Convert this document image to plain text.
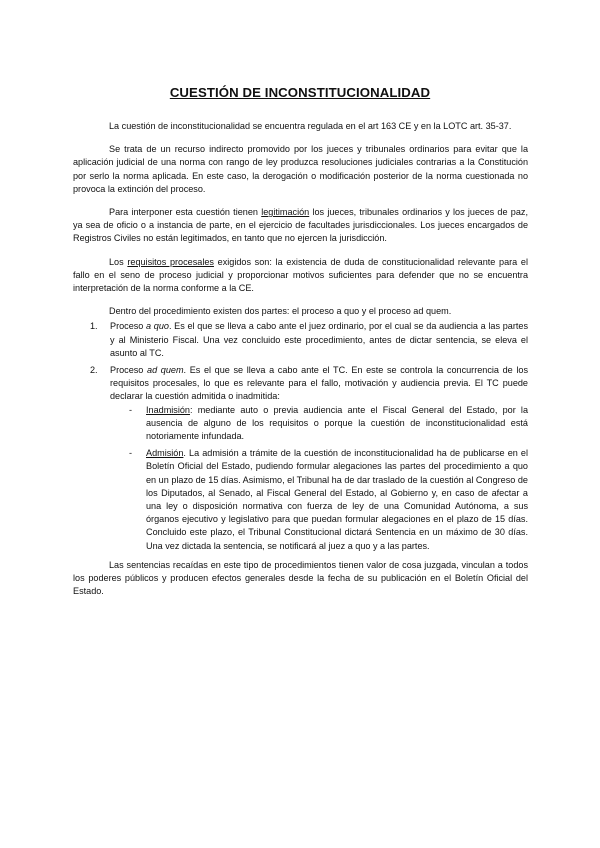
CUESTIÓN DE INCONSTITUCIONALIDAD

La cuestión de inconstitucionalidad se encuentra regulada en el art 163 CE y en la LOTC art. 35-37.

Se trata de un recurso indirecto promovido por los jueces y tribunales ordinarios para evitar que la aplicación judicial de una norma con rango de ley produzca resoluciones judiciales contrarias a la Constitución por serlo la norma aplicada. En este caso, la derogación o modificación posterior de la norma cuestionada no provoca la extinción del proceso.

Para interponer esta cuestión tienen legitimación los jueces, tribunales ordinarios y los jueces de paz, ya sea de oficio o a instancia de parte, en el ejercicio de facultades jurisdiccionales. Los jueces encargados de Registros Civiles no están legitimados, en tanto que no ejercen la jurisdicción.

Los requisitos procesales exigidos son: la existencia de duda de constitucionalidad relevante para el fallo en el seno de proceso judicial y proporcionar motivos suficientes para defender que no se encuentra interpretación de la norma conforme a la CE.

Dentro del procedimiento existen dos partes: el proceso a quo y el proceso ad quem.

1. Proceso a quo. Es el que se lleva a cabo ante el juez ordinario, por el cual se da audiencia a las partes y al Ministerio Fiscal. Una vez concluido este procedimiento, antes de dictar sentencia, se eleva el asunto al TC.
2. Proceso ad quem. Es el que se lleva a cabo ante el TC. En este se controla la concurrencia de los requisitos procesales, lo que es relevante para el fallo, motivación y audiencia previa. El TC puede declarar la cuestión admitida o inadmitida:
- Inadmisión: mediante auto o previa audiencia ante el Fiscal General del Estado, por la ausencia de alguno de los requisitos o porque la cuestión de inconstitucionalidad está notoriamente infundada.
- Admisión. La admisión a trámite de la cuestión de inconstitucionalidad ha de publicarse en el Boletín Oficial del Estado, pudiendo formular alegaciones las partes del procedimiento a quo en un plazo de 15 días. Asimismo, el Tribunal ha de dar traslado de la cuestión al Congreso de los Diputados, al Senado, al Fiscal General del Estado, al Gobierno y, en caso de afectar a una ley o disposición normativa con fuerza de ley de una Comunidad Autónoma, a sus órganos ejecutivo y legislativo para que puedan formular alegaciones en el plazo de 15 días. Concluido este plazo, el Tribunal Constitucional dictará Sentencia en un máximo de 30 días. Una vez dictada la sentencia, se notificará al juez a quo y a las partes.

Las sentencias recaídas en este tipo de procedimientos tienen valor de cosa juzgada, vinculan a todos los poderes públicos y producen efectos generales desde la fecha de su publicación en el Boletín Oficial del Estado.
